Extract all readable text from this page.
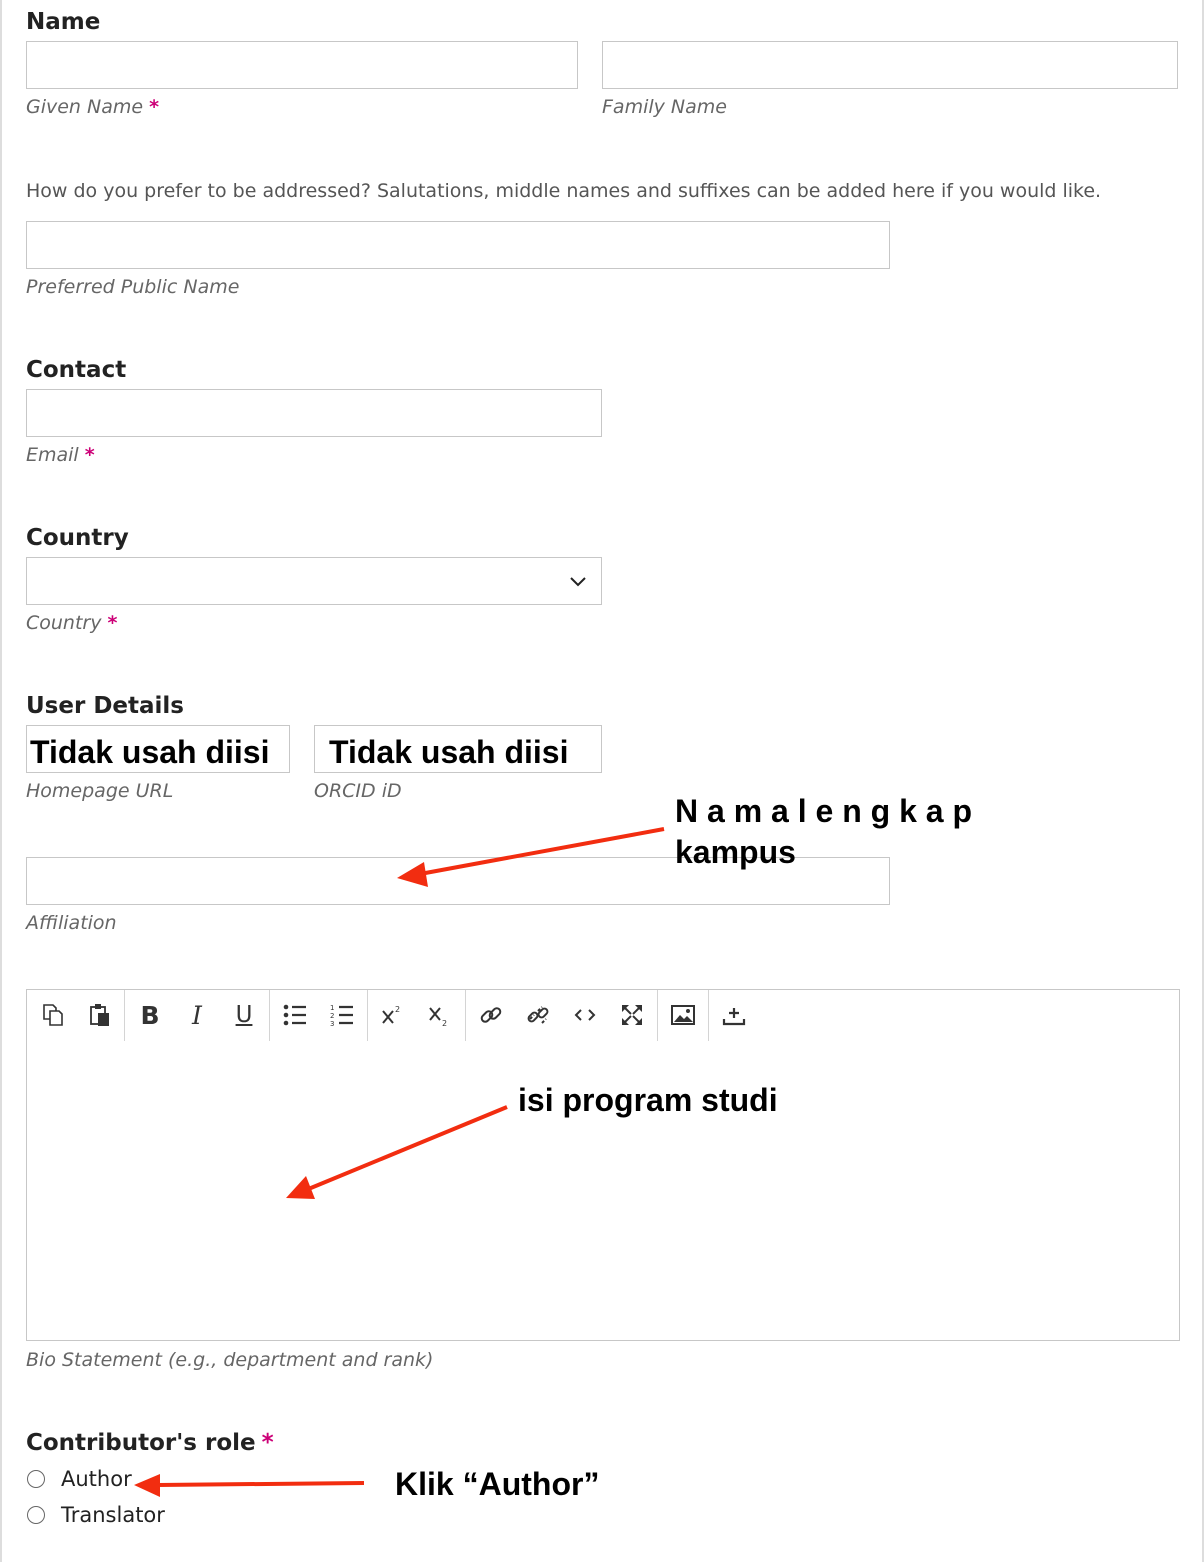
Name
Given Name *	Family Name
How do you prefer to be addressed? Salutations, middle names and suffixes can be added here if you would like.
Preferred Public Name
Contact
Email *
Country
Country *
User Details
Tidak usah diisi	Tidak usah diisi
Homepage URL	ORCID iD
Affiliation
B	I	U	1
2
3
2
2
Bio Statement (e.g., department and rank)
Contributor's role *
Author
Translator
N a m a l e n g k a p
kampus
isi program studi
Klik “Author”
